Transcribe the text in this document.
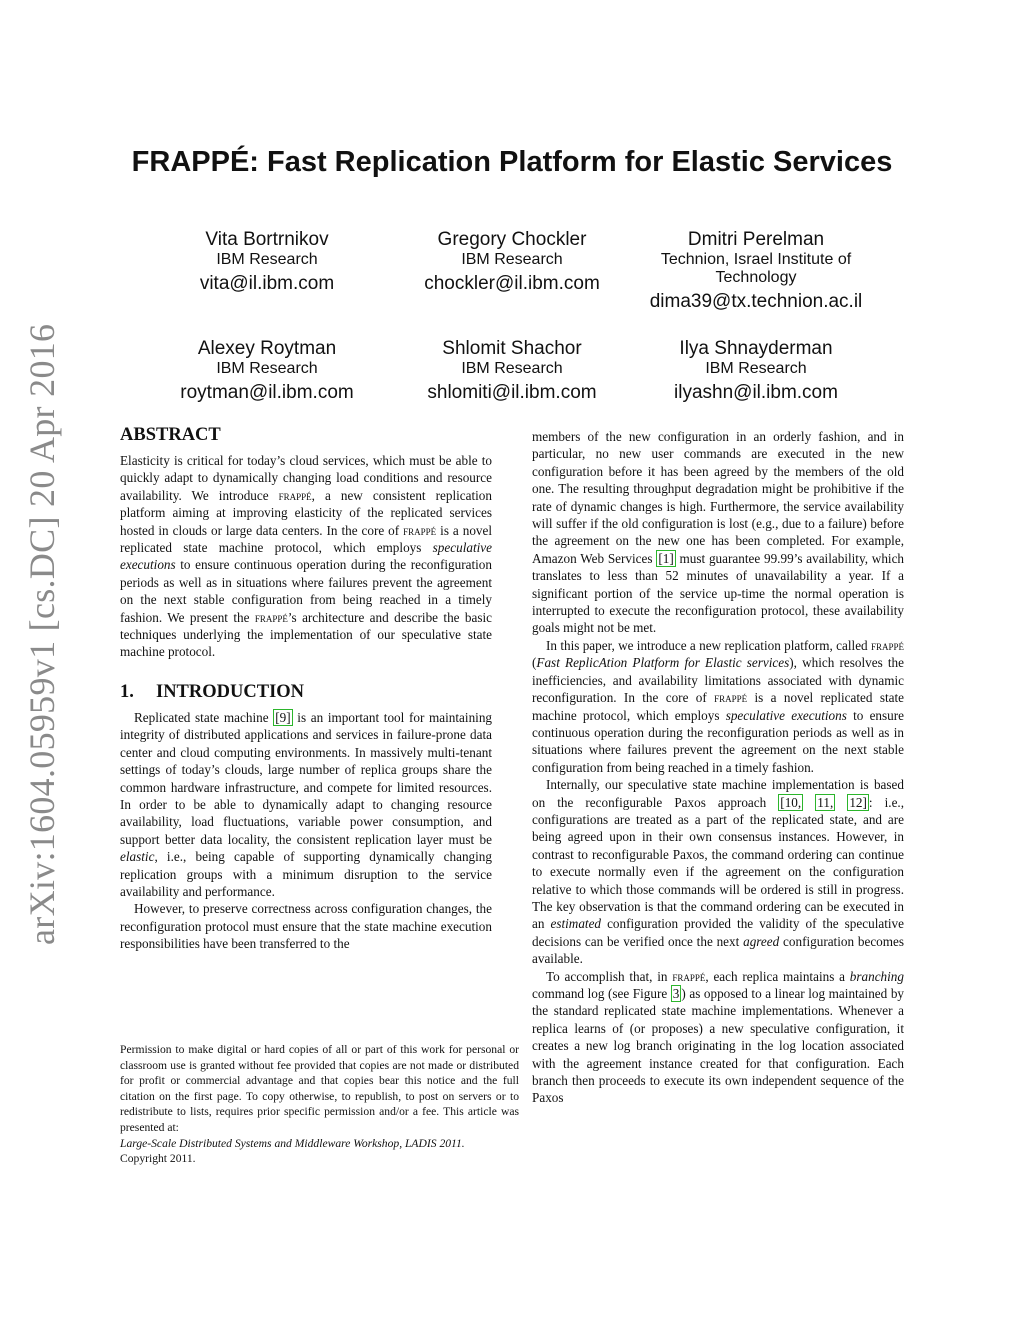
arXiv:1604.05959v1 [cs.DC] 20 Apr 2016
FRAPPÉ: Fast Replication Platform for Elastic Services
Vita Bortrnikov
IBM Research
vita@il.ibm.com
Gregory Chockler
IBM Research
chockler@il.ibm.com
Dmitri Perelman
Technion, Israel Institute of Technology
dima39@tx.technion.ac.il
Alexey Roytman
IBM Research
roytman@il.ibm.com
Shlomit Shachor
IBM Research
shlomiti@il.ibm.com
Ilya Shnayderman
IBM Research
ilyashn@il.ibm.com
ABSTRACT

Elasticity is critical for today’s cloud services, which must be able to quickly adapt to dynamically changing load conditions and resource availability. We introduce frappé, a new consistent replication platform aiming at improving elasticity of the replicated services hosted in clouds or large data centers. In the core of frappé is a novel replicated state machine protocol, which employs speculative executions to ensure continuous operation during the reconfiguration periods as well as in situations where failures prevent the agreement on the next stable configuration from being reached in a timely fashion. We present the frappé’s architecture and describe the basic techniques underlying the implementation of our speculative state machine protocol.

1. INTRODUCTION

Replicated state machine [9] is an important tool for maintaining integrity of distributed applications and services in failure-prone data center and cloud computing environments. In massively multi-tenant settings of today’s clouds, large number of replica groups share the common hardware infrastructure, and compete for limited resources. In order to be able to dynamically adapt to changing resource availability, load fluctuations, variable power consumption, and support better data locality, the consistent replication layer must be elastic, i.e., being capable of supporting dynamically changing replication groups with a minimum disruption to the service availability and performance.

However, to preserve correctness across configuration changes, the reconfiguration protocol must ensure that the state machine execution responsibilities have been transferred to the

Permission to make digital or hard copies of all or part of this work for personal or classroom use is granted without fee provided that copies are not made or distributed for profit or commercial advantage and that copies bear this notice and the full citation on the first page. To copy otherwise, to republish, to post on servers or to redistribute to lists, requires prior specific permission and/or a fee. This article was presented at:

Large-Scale Distributed Systems and Middleware Workshop, LADIS 2011.

Copyright 2011.

members of the new configuration in an orderly fashion, and in particular, no new user commands are executed in the new configuration before it has been agreed by the members of the old one. The resulting throughput degradation might be prohibitive if the rate of dynamic changes is high. Furthermore, the service availability will suffer if the old configuration is lost (e.g., due to a failure) before the agreement on the new one has been completed. For example, Amazon Web Services [1] must guarantee 99.99’s availability, which translates to less than 52 minutes of unavailability a year. If a significant portion of the service up-time the normal operation is interrupted to execute the reconfiguration protocol, these availability goals might not be met.

In this paper, we introduce a new replication platform, called frappé (Fast ReplicAtion Platform for Elastic services), which resolves the inefficiencies, and availability limitations associated with dynamic reconfiguration. In the core of frappé is a novel replicated state machine protocol, which employs speculative executions to ensure continuous operation during the reconfiguration periods as well as in situations where failures prevent the agreement on the next stable configuration from being reached in a timely fashion.

Internally, our speculative state machine implementation is based on the reconfigurable Paxos approach [10, 11, 12] : i.e., configurations are treated as a part of the replicated state, and are being agreed upon in their own consensus instances. However, in contrast to reconfigurable Paxos, the command ordering can continue to execute normally even if the agreement on the configuration relative to which those commands will be ordered is still in progress. The key observation is that the command ordering can be executed in an estimated configuration provided the validity of the speculative decisions can be verified once the next agreed configuration becomes available.

To accomplish that, in frappé, each replica maintains a branching command log (see Figure 3 ) as opposed to a linear log maintained by the standard replicated state machine implementations. Whenever a replica learns of (or proposes) a new speculative configuration, it creates a new log branch originating in the log location associated with the agreement instance created for that configuration. Each branch then proceeds to execute its own independent sequence of the Paxos
